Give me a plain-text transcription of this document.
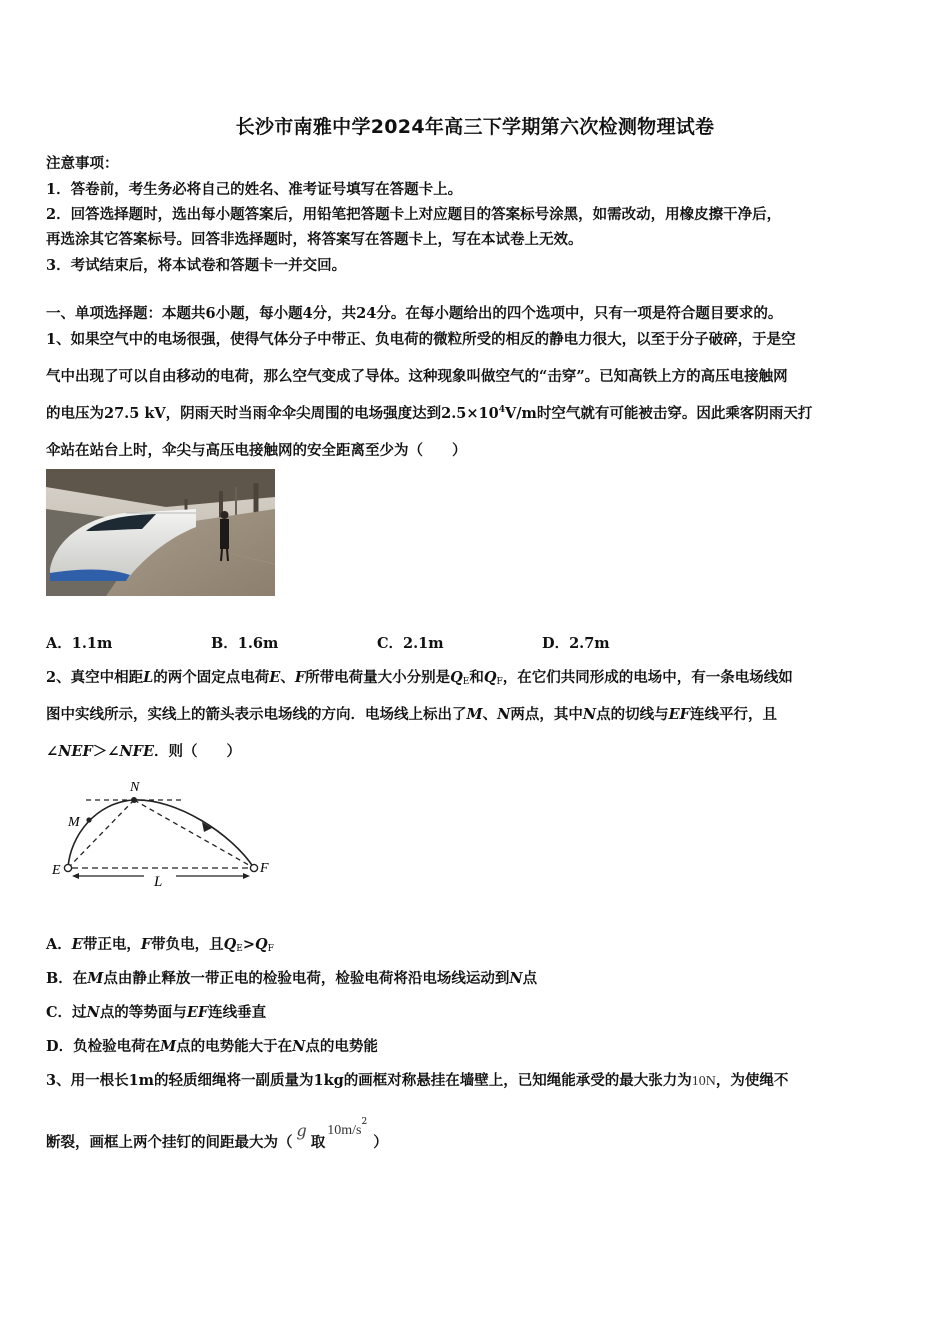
长沙市南雅中学2024年高三下学期第六次检测物理试卷
注意事项：
1．答卷前，考生务必将自己的姓名、准考证号填写在答题卡上。
2．回答选择题时，选出每小题答案后，用铅笔把答题卡上对应题目的答案标号涂黑，如需改动，用橡皮擦干净后，
再选涂其它答案标号。回答非选择题时，将答案写在答题卡上，写在本试卷上无效。
3．考试结束后，将本试卷和答题卡一并交回。
一、单项选择题：本题共6小题，每小题4分，共24分。在每小题给出的四个选项中，只有一项是符合题目要求的。
1、如果空气中的电场很强，使得气体分子中带正、负电荷的微粒所受的相反的静电力很大，以至于分子破碎，于是空
气中出现了可以自由移动的电荷，那么空气变成了导体。这种现象叫做空气的“击穿”。已知高铁上方的高压电接触网
的电压为27.5 kV，阴雨天时当雨伞伞尖周围的电场强度达到$2.5\times 10^4V/m$时空气就有可能被击穿。因此乘客阴雨天打
伞站在站台上时，伞尖与高压电接触网的安全距离至少为（　　）
A．1.1m	B．1.6m	C．2.1m	D．2.7m
2、真空中相距L的两个固定点电荷E、F所带电荷量大小分别是$Q_E$和$Q_F$，在它们共同形成的电场中，有一条电场线如
图中实线所示，实线上的箭头表示电场线的方向．电场线上标出了M、N两点，其中N点的切线与EF连线平行，且
∠NEF＞∠NFE．则（　　）
N
M
E	F
L
A．E带正电，F带负电，且$Q_E>Q_F$
B．在M点由静止释放一带正电的检验电荷，检验电荷将沿电场线运动到N点
C．过N点的等势面与EF连线垂直
D．负检验电荷在M点的电势能大于在N点的电势能
3、用一根长1m的轻质细绳将一副质量为1kg的画框对称悬挂在墙壁上，已知绳能承受的最大张力为10N，为使绳不
断裂，画框上两个挂钉的间距最大为（g取$10m/s^2$）
